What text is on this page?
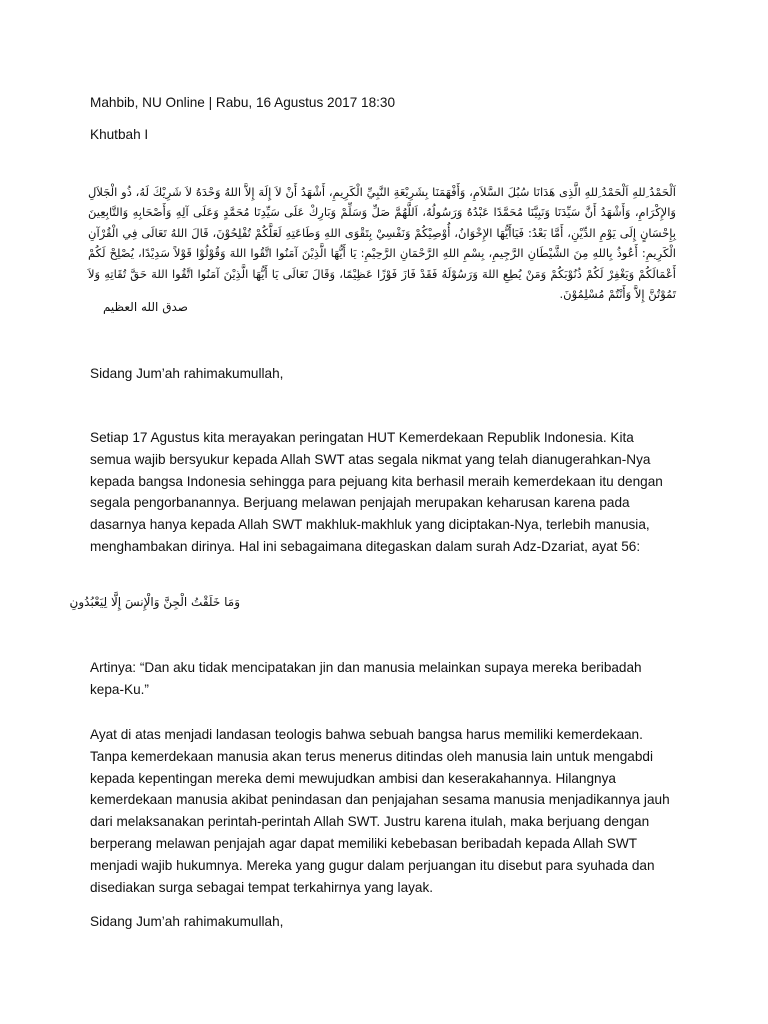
Mahbib, NU Online | Rabu, 16 Agustus 2017 18:30

Khutbah I

اَلْحَمْدُ ِللهِ اَلْحَمْدُ ِللهِ الَّذِى هَدَانَا سُبُلَ السَّلاَمِ، وَأَفْهَمَنَا بِشَرِيْعَةِ النَّبِيِّ الْكَرِيمِ، أَشْهَدُ أَنْ لاَ إِلَهَ إِلاَّ اللهُ وَحْدَهُ لاَ شَرِيْكَ لَهُ، ذُو الْجَلاَلِ وَالإِكْرَامِ، وَأَشْهَدُ أَنَّ سَيِّدَنَا وَنَبِيَّنَا مُحَمَّدًا عَبْدُهُ وَرَسُولُهُ، اَللَّهُمَّ صَلِّ وَسَلِّمْ وَبَارِكْ عَلَى سَيِّدِنَا مُحَمَّدٍ وَعَلَى آلِهِ وَأَصْحَابِهِ وَالتَّابِعِينَ بِإِحْسَانٍ إِلَى يَوْمِ الدِّيْنِ، أَمَّا بَعْدُ: فَيَاأَيُّهَا الإِخْوَانُ، أُوْصِيْكُمْ وَنَفْسِيْ بِتَقْوَى اللهِ وَطَاعَتِهِ لَعَلَّكُمْ تُفْلِحُوْنَ، قَالَ اللهُ تَعَالَى فِي الْقُرْآنِ الْكَرِيمِ: أَعُوذُ بِاللهِ مِنَ الشَّيْطَانِ الرَّجِيمِ، بِسْمِ اللهِ الرَّحْمَانِ الرَّحِيْمِ: يَا أَيُّهَا الَّذِيْنَ آمَنُوا اتَّقُوا اللهَ وَقُوْلُوْا قَوْلاً سَدِيْدًا، يُصْلِحْ لَكُمْ أَعْمَالَكُمْ وَيَغْفِرْ لَكُمْ ذُنُوْبَكُمْ وَمَنْ يُطِعِ اللهَ وَرَسُوْلَهُ فَقَدْ فَازَ فَوْزًا عَظِيْمًا، وَقَالَ تَعَالَى يَا أَيُّهَا الَّذِيْنَ آمَنُوا اتَّقُوا اللهَ حَقَّ تُقَاتِهِ وَلاَ تَمُوْتُنَّ إِلاَّ وَأَنْتُمْ مُسْلِمُوْنَ.

صدق الله العظيم

Sidang Jum’ah rahimakumullah,

Setiap 17 Agustus kita merayakan peringatan HUT Kemerdekaan Republik Indonesia. Kita semua wajib bersyukur kepada Allah SWT atas segala nikmat yang telah dianugerahkan-Nya kepada bangsa Indonesia sehingga para pejuang kita berhasil meraih kemerdekaan itu dengan segala pengorbanannya. Berjuang melawan penjajah merupakan keharusan karena pada dasarnya hanya kepada Allah SWT makhluk-makhluk yang diciptakan-Nya, terlebih manusia, menghambakan dirinya. Hal ini sebagaimana ditegaskan dalam surah Adz-Dzariat, ayat 56:

وَمَا خَلَقْتُ الْجِنَّ وَالْإِنسَ إِلَّا لِيَعْبُدُونِ

Artinya: “Dan aku tidak mencipatakan jin dan manusia melainkan supaya mereka beribadah kepa-Ku.”

Ayat di atas menjadi landasan teologis bahwa sebuah bangsa harus memiliki kemerdekaan. Tanpa kemerdekaan manusia akan terus menerus ditindas oleh manusia lain untuk mengabdi kepada kepentingan mereka demi mewujudkan ambisi dan keserakahannya. Hilangnya kemerdekaan manusia akibat penindasan dan penjajahan sesama manusia menjadikannya jauh dari melaksanakan perintah-perintah Allah SWT. Justru karena itulah, maka berjuang dengan berperang melawan penjajah agar dapat memiliki kebebasan beribadah kepada Allah SWT menjadi wajib hukumnya. Mereka yang gugur dalam perjuangan itu disebut para syuhada dan disediakan surga sebagai tempat terkahirnya yang layak.

Sidang Jum’ah rahimakumullah,
